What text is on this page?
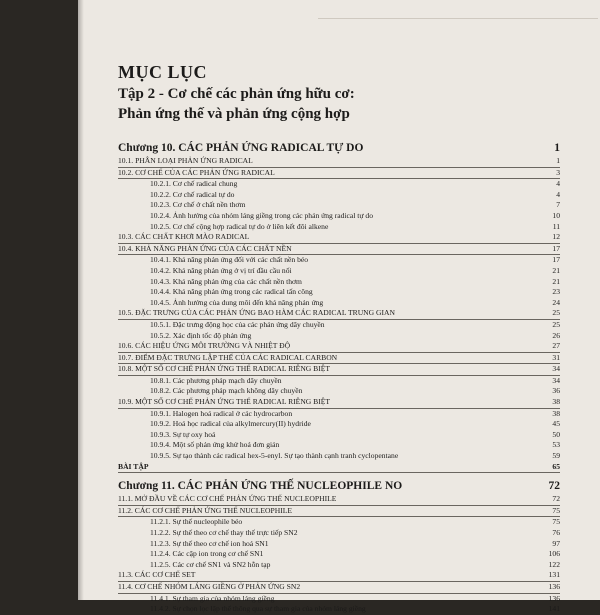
MỤC LỤC
Tập 2 - Cơ chế các phản ứng hữu cơ:
Phản ứng thế và phản ứng cộng hợp
Chương 10. CÁC PHẢN ỨNG RADICAL TỰ DO	1
10.1. PHÂN LOẠI PHẢN ỨNG RADICAL	1
10.2. CƠ CHẾ CỦA CÁC PHẢN ỨNG RADICAL	3
10.2.1. Cơ chế radical chung	4
10.2.2. Cơ chế radical tự do	4
10.2.3. Cơ chế ở chất nền thơm	7
10.2.4. Ảnh hưởng của nhóm láng giềng trong các phản ứng radical tự do	10
10.2.5. Cơ chế cộng hợp radical tự do ở liên kết đôi alkene	11
10.3. CÁC CHẤT KHƠI MÀO RADICAL	12
10.4. KHẢ NĂNG PHẢN ỨNG CỦA CÁC CHẤT NỀN	17
10.4.1. Khả năng phản ứng đối với các chất nền béo	17
10.4.2. Khả năng phản ứng ở vị trí đầu cầu nối	21
10.4.3. Khả năng phản ứng của các chất nền thơm	21
10.4.4. Khả năng phản ứng trong các radical tấn công	23
10.4.5. Ảnh hưởng của dung môi đến khả năng phản ứng	24
10.5. ĐẶC TRƯNG CỦA CÁC PHẢN ỨNG BAO HÀM CÁC RADICAL TRUNG GIAN	25
10.5.1. Đặc trưng động học của các phản ứng dây chuyền	25
10.5.2. Xác định tốc độ phản ứng	26
10.6. CÁC HIỆU ỨNG MÔI TRƯỜNG VÀ NHIỆT ĐỘ	27
10.7. ĐIỂM ĐẶC TRƯNG LẬP THỂ CỦA CÁC RADICAL CARBON	31
10.8. MỘT SỐ CƠ CHẾ PHẢN ỨNG THẾ RADICAL RIÊNG BIỆT	34
10.8.1. Các phương pháp mạch dây chuyền	34
10.8.2. Các phương pháp mạch không dây chuyền	36
10.9. MỘT SỐ CƠ CHẾ PHẢN ỨNG THẾ RADICAL RIÊNG BIỆT	38
10.9.1. Halogen hoá radical ở các hydrocarbon	38
10.9.2. Hoá học radical của alkylmercury(II) hydride	45
10.9.3. Sự tự oxy hoá	50
10.9.4. Một số phản ứng khử hoá đơn giản	53
10.9.5. Sự tạo thành các radical hex-5-enyl. Sự tạo thành cạnh tranh cyclopentane	59
BÀI TẬP	65
Chương 11. CÁC PHẢN ỨNG THẾ NUCLEOPHILE NO	72
11.1. MỞ ĐẦU VỀ CÁC CƠ CHẾ PHẢN ỨNG THẾ NUCLEOPHILE	72
11.2. CÁC CƠ CHẾ PHẢN ỨNG THẾ NUCLEOPHILE	75
11.2.1. Sự thế nucleophile béo	75
11.2.2. Sự thế theo cơ chế thay thế trực tiếp SN2	76
11.2.3. Sự thế theo cơ chế ion hoá SN1	97
11.2.4. Các cặp ion trong cơ chế SN1	106
11.2.5. Các cơ chế SN1 và SN2 hỗn tạp	122
11.3. CÁC CƠ CHẾ SET	131
11.4. CƠ CHẾ NHÓM LÁNG GIỀNG Ở PHẢN ỨNG SN2	136
11.4.1. Sự tham gia của nhóm láng giềng	136
11.4.2. Sự chọn lọc lập thể thông qua sự tham gia của nhóm láng giềng	141
